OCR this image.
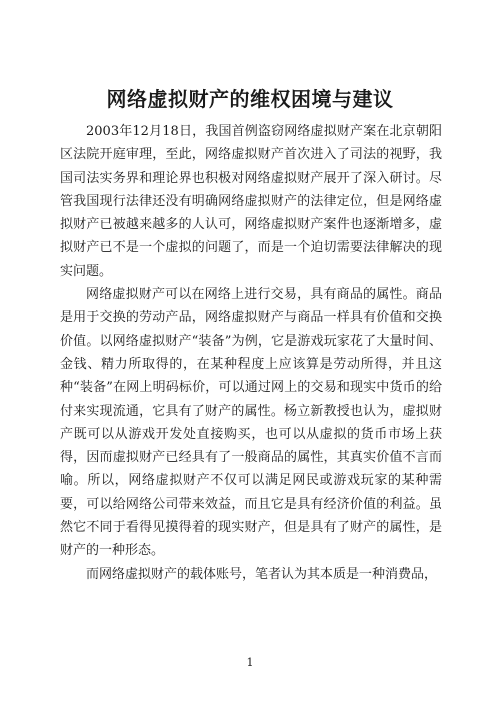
网络虚拟财产的维权困境与建议

2003年12月18日，我国首例盗窃网络虚拟财产案在北京朝阳区法院开庭审理，至此，网络虚拟财产首次进入了司法的视野，我国司法实务界和理论界也积极对网络虚拟财产展开了深入研讨。尽管我国现行法律还没有明确网络虚拟财产的法律定位，但是网络虚拟财产已被越来越多的人认可，网络虚拟财产案件也逐渐增多，虚拟财产已不是一个虚拟的问题了，而是一个迫切需要法律解决的现实问题。

网络虚拟财产可以在网络上进行交易，具有商品的属性。商品是用于交换的劳动产品，网络虚拟财产与商品一样具有价值和交换价值。以网络虚拟财产“装备”为例，它是游戏玩家花了大量时间、金钱、精力所取得的，在某种程度上应该算是劳动所得，并且这种“装备”在网上明码标价，可以通过网上的交易和现实中货币的给付来实现流通，它具有了财产的属性。杨立新教授也认为，虚拟财产既可以从游戏开发处直接购买，也可以从虚拟的货币市场上获得，因而虚拟财产已经具有了一般商品的属性，其真实价值不言而喻。所以，网络虚拟财产不仅可以满足网民或游戏玩家的某种需要，可以给网络公司带来效益，而且它是具有经济价值的利益。虽然它不同于看得见摸得着的现实财产，但是具有了财产的属性，是财产的一种形态。

而网络虚拟财产的载体账号，笔者认为其本质是一种消费品，

1
